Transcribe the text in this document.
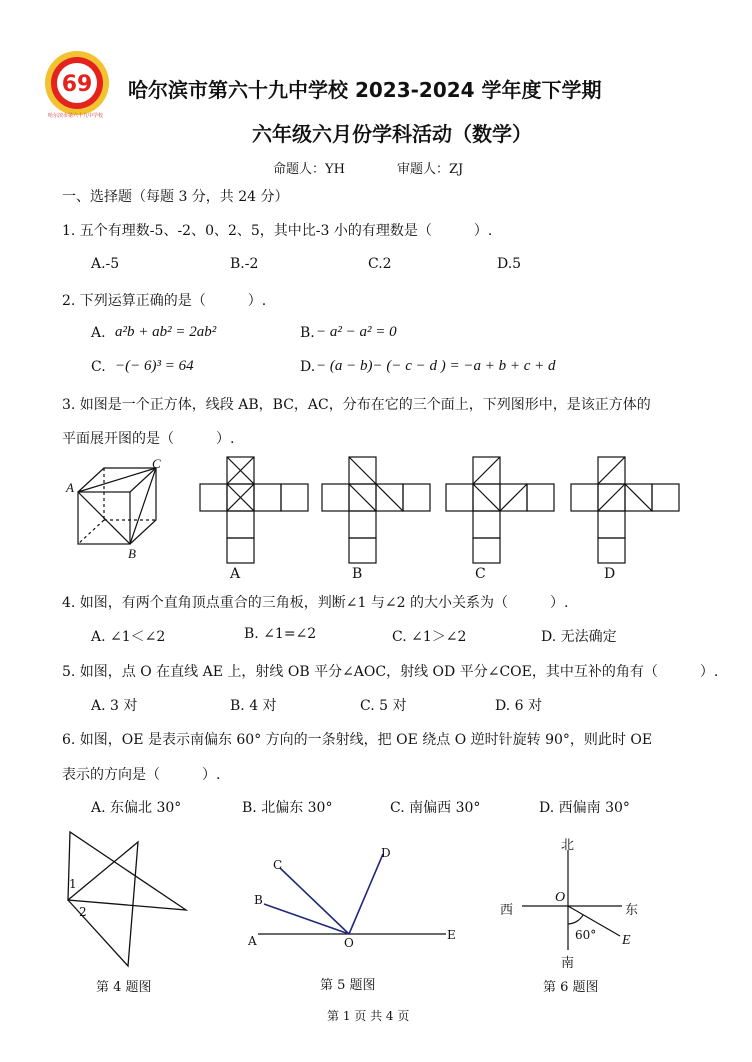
69
哈尔滨市第六十九中学校
哈尔滨市第六十九中学校 2023-2024 学年度下学期
六年级六月份学科活动（数学）
命题人：YH	审题人：ZJ
一、选择题（每题 3 分，共 24 分）
1. 五个有理数-5、-2、0、2、5，其中比-3 小的有理数是（　　　）.
A.-5	B.-2	C.2	D.5
2. 下列运算正确的是（　　　）.
A. a²b + ab² = 2ab²	B. − a² − a² = 0
C. −(− 6)³ = 64	D. − (a − b)− (− c − d ) = −a + b + c + d
3. 如图是一个正方体，线段 AB，BC，AC，分布在它的三个面上，下列图形中，是该正方体的
平面展开图的是（　　　）.
A
B
C
A	B	C	D
4. 如图，有两个直角顶点重合的三角板，判断∠1 与∠2 的大小关系为（　　　）.
A. ∠1＜∠2	B. ∠1=∠2	C. ∠1＞∠2	D. 无法确定
5. 如图，点 O 在直线 AE 上，射线 OB 平分∠AOC，射线 OD 平分∠COE，其中互补的角有（　　　）.
A. 3 对	B. 4 对	C. 5 对	D. 6 对
6. 如图，OE 是表示南偏东 60° 方向的一条射线，把 OE 绕点 O 逆时针旋转 90°，则此时 OE
表示的方向是（　　　）.
A. 东偏北 30°	B. 北偏东 30°	C. 南偏西 30°	D. 西偏南 30°
1
2
第 4 题图
C
B
D
A	O
E
第 5 题图
北
南
西	东
O
E
60°
第 6 题图
第 1 页 共 4 页
